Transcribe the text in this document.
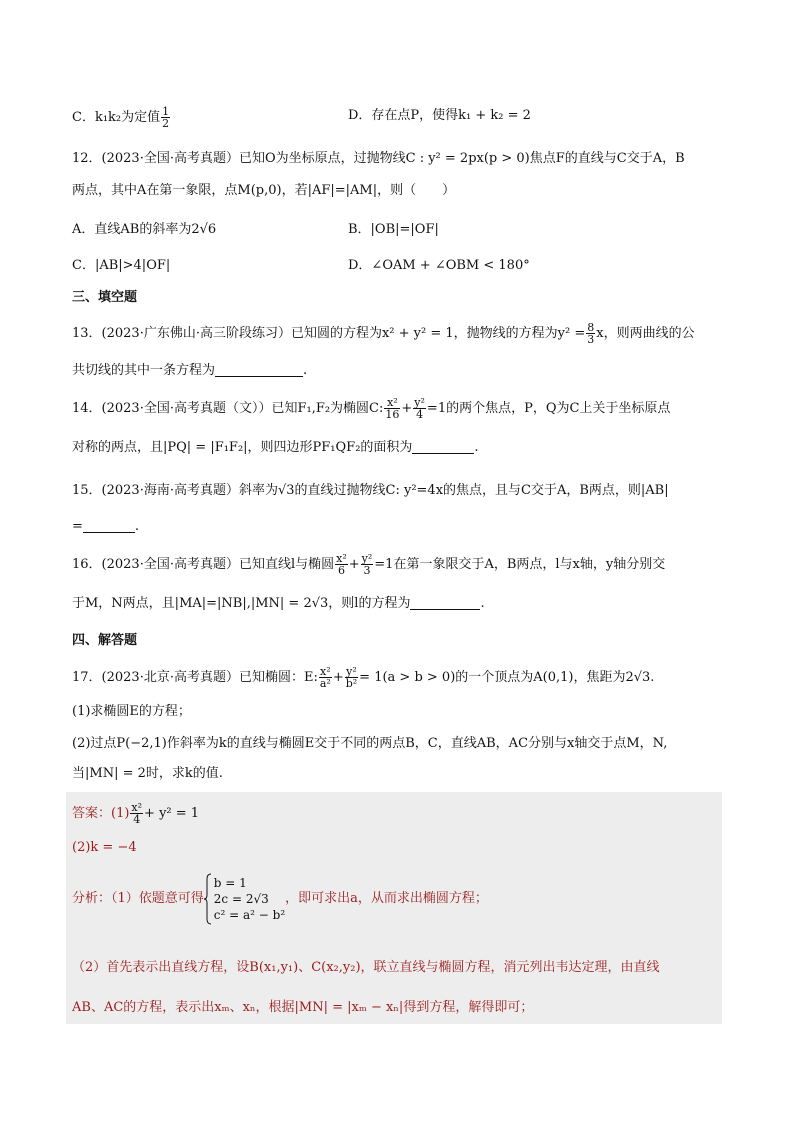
C．k₁k₂为定值 $\frac{1}{2}$	D．存在点P，使得k₁ + k₂ = 2
12．(2023·全国·高考真题）已知O为坐标原点，过抛物线C : y² = 2px(p > 0)焦点F的直线与C交于A，B
两点，其中A在第一象限，点M(p,0)，若|AF|=|AM|，则（　　）
A．直线AB的斜率为2√6	B．|OB|=|OF|
C．|AB|>4|OF|	D．∠OAM + ∠OBM < 180°
三、填空题
13．(2023·广东佛山·高三阶段练习）已知圆的方程为x² + y² = 1，抛物线的方程为$y^2 = \frac{8}{3}$ x，则两曲线的公
共切线的其中一条方程为	.
14．(2023·全国·高考真题（文））已知F₁,F₂为椭圆C: $\frac{\text{x²}}{16} + \frac{\text{y²}}{4} =1$的两个焦点，P，Q为C上关于坐标原点
对称的两点，且|PQ| = |F₁F₂|，则四边形PF₁QF₂的面积为	.
15．(2023·海南·高考真题）斜率为√3的直线过抛物线C: y²=4x的焦点，且与C交于A，B两点，则|AB|
=	.
16．(2023·全国·高考真题）已知直线l与椭圆 $\frac{\text{x²}}{6} + \frac{\text{y²}}{3} =1$在第一象限交于A，B两点，l与x轴，y轴分别交
于M，N两点，且|MA|=|NB|,|MN| = 2√3，则l的方程为	.
四、解答题
17．(2023·北京·高考真题）已知椭圆：E: $\frac{\text{x²}}{\text{a²}} + \frac{\text{y²}}{\text{b²}} = 1(a > b > 0)$的一个顶点为A(0,1)，焦距为2√3.
(1)求椭圆E的方程；
(2)过点P(−2,1)作斜率为k的直线与椭圆E交于不同的两点B，C，直线AB，AC分别与x轴交于点M，N,
当|MN| = 2时，求k的值.
答案：$(1) \frac{\text{x²}}{4} + y^2 = 1$
(2)k = −4
分析：（1）依题意可得
b = 1
2c = 2√3
c² = a² − b²
，即可求出a，从而求出椭圆方程；
（2）首先表示出直线方程，设B(x₁,y₁)、C(x₂,y₂)，联立直线与椭圆方程，消元列出韦达定理，由直线
AB、AC的方程，表示出xₘ、xₙ，根据|MN| = |xₘ − xₙ|得到方程，解得即可；
